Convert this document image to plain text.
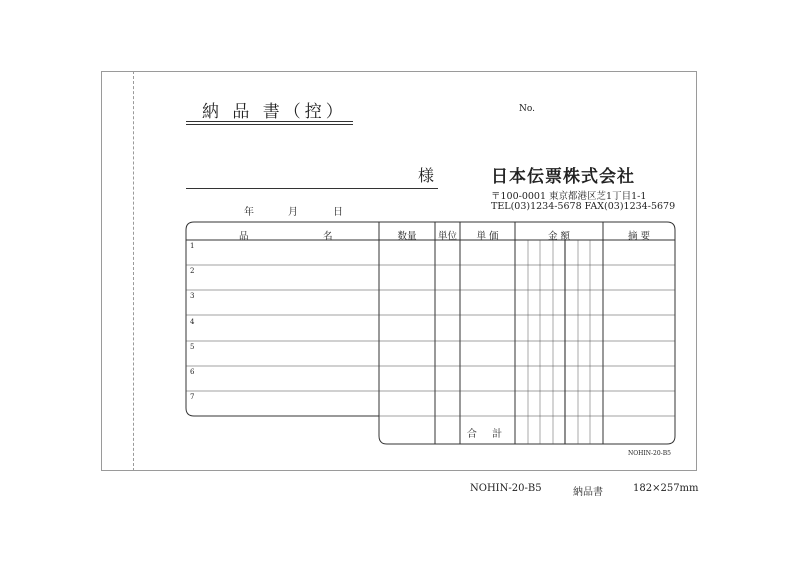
納 品 書（控）	No.
様	日本伝票株式会社
〒100-0001 東京都港区芝1丁目1-1
TEL(03)1234-5678 FAX(03)1234-5679
年	月	日
品	名	数量	単位	単 価	金 額	摘 要
1
2
3
4
5
6
7
合 計
NOHIN-20-B5
NOHIN-20-B5	納品書	182×257mm
